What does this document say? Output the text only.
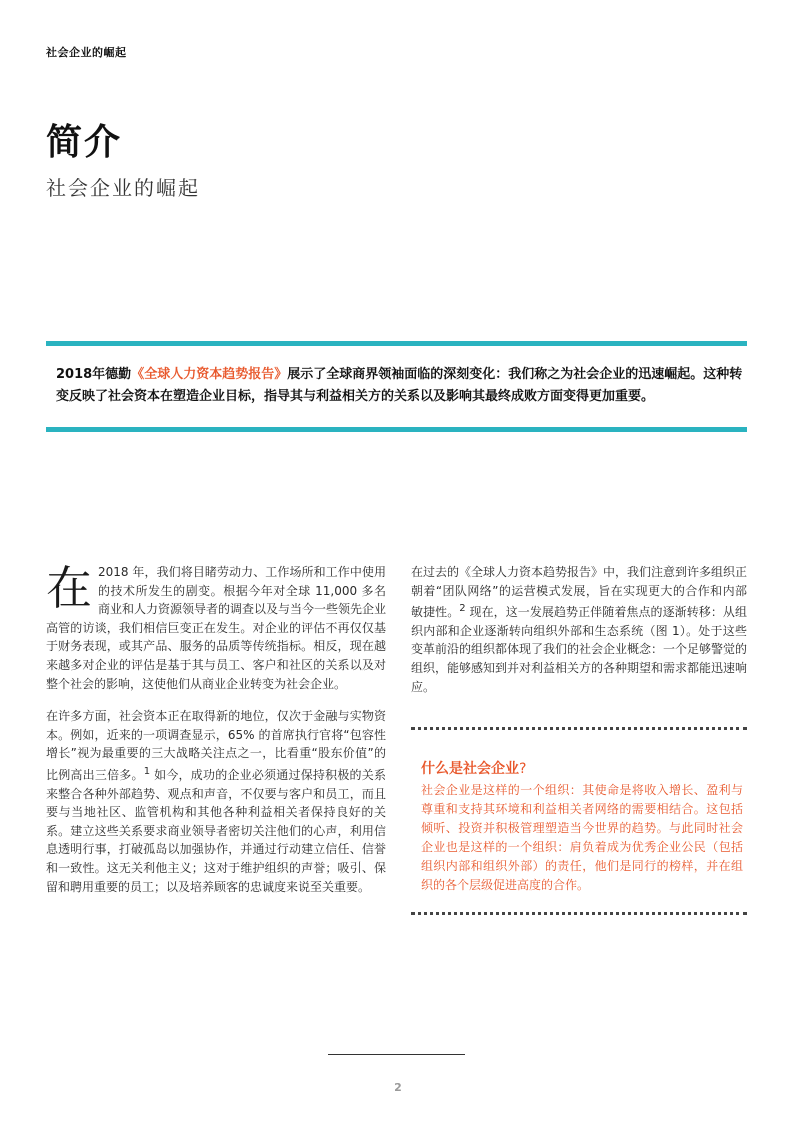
社会企业的崛起
简介
社会企业的崛起
2018年德勤《全球人力资本趋势报告》展示了全球商界领袖面临的深刻变化：我们称之为社会企业的迅速崛起。这种转变反映了社会资本在塑造企业目标，指导其与利益相关方的关系以及影响其最终成败方面变得更加重要。

在 2018 年，我们将目睹劳动力、工作场所和工作中使用的技术所发生的剧变。根据今年对全球 11,000 多名商业和人力资源领导者的调查以及与当今一些领先企业高管的访谈，我们相信巨变正在发生。对企业的评估不再仅仅基于财务表现，或其产品、服务的品质等传统指标。相反，现在越来越多对企业的评估是基于其与员工、客户和社区的关系以及对整个社会的影响，这使他们从商业企业转变为社会企业。

在许多方面，社会资本正在取得新的地位，仅次于金融与实物资本。例如，近来的一项调查显示，65% 的首席执行官将“包容性增长”视为最重要的三大战略关注点之一，比看重“股东价值”的比例高出三倍多。$^1$ 如今，成功的企业必须通过保持积极的关系来整合各种外部趋势、观点和声音，不仅要与客户和员工，而且要与当地社区、监管机构和其他各种利益相关者保持良好的关系。建立这些关系要求商业领导者密切关注他们的心声，利用信息透明行事，打破孤岛以加强协作，并通过行动建立信任、信誉和一致性。这无关利他主义；这对于维护组织的声誉；吸引、保留和聘用重要的员工；以及培养顾客的忠诚度来说至关重要。

在过去的《全球人力资本趋势报告》中，我们注意到许多组织正朝着“团队网络”的运营模式发展，旨在实现更大的合作和内部敏捷性。$^2$ 现在，这一发展趋势正伴随着焦点的逐渐转移：从组织内部和企业逐渐转向组织外部和生态系统（图 1）。处于这些变革前沿的组织都体现了我们的社会企业概念：一个足够警觉的组织，能够感知到并对利益相关方的各种期望和需求都能迅速响应。

什么是社会企业?
社会企业是这样的一个组织：其使命是将收入增长、盈利与尊重和支持其环境和利益相关者网络的需要相结合。这包括倾听、投资并积极管理塑造当今世界的趋势。与此同时社会企业也是这样的一个组织：肩负着成为优秀企业公民（包括组织内部和组织外部）的责任，他们是同行的榜样，并在组织的各个层级促进高度的合作。
2
